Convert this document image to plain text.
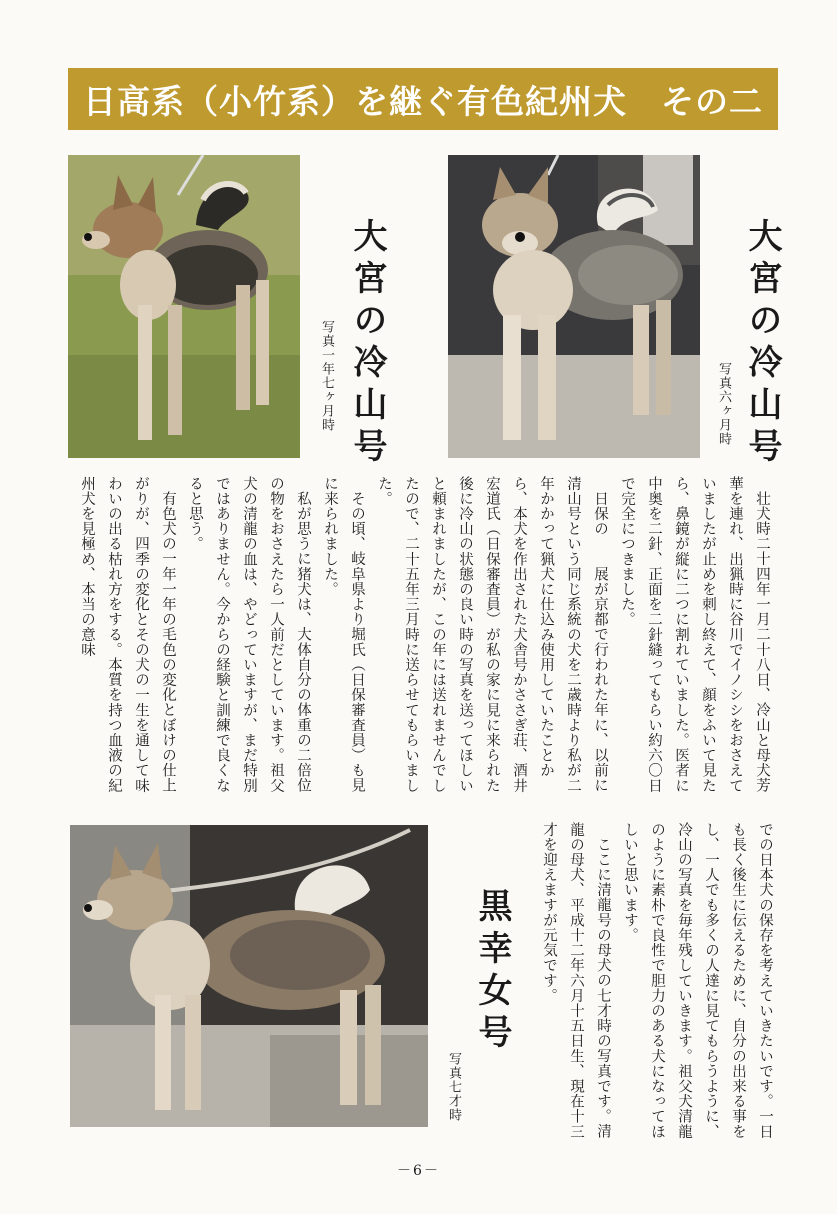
日高系（小竹系）を継ぐ有色紀州犬　その二
大宮の冷山号
写真一年七ヶ月時	大宮の冷山号
写真六ヶ月時

壮犬時二十四年一月二十八日、冷山と母犬芳華を連れ、出猟時に谷川でイノシシをおさえていましたが止めを刺し終えて、顔をふいて見たら、鼻鏡が縦に二つに割れていました。医者に中奥を二針、正面を二針縫ってもらい約六〇日で完全につきました。

日保の　　展が京都で行われた年に、以前に清山号という同じ系統の犬を二歳時より私が二年かかって猟犬に仕込み使用していたことから、本犬を作出された犬舎号かささぎ荘、酒井宏道氏（日保審査員）が私の家に見に来られた後に冷山の状態の良い時の写真を送ってほしいと頼まれましたが、この年には送れませんでしたので、二十五年三月時に送らせてもらいました。

その頃、岐阜県より堀氏（日保審査員）も見に来られました。

私が思うに猪犬は、大体自分の体重の二倍位の物をおさえたら一人前だとしています。祖父犬の清龍の血は、やどっていますが、まだ特別ではありません。今からの経験と訓練で良くなると思う。

有色犬の一年一年の毛色の変化とぼけの仕上がりが、四季の変化とその犬の一生を通して味わいの出る枯れ方をする。本質を持つ血液の紀州犬を見極め、本当の意味

黒幸女号
写真七才時	での日本犬の保存を考えていきたいです。一日も長く後生に伝えるために、自分の出来る事をし、一人でも多くの人達に見てもらうように、冷山の写真を毎年残していきます。祖父犬清龍のように素朴で良性で胆力のある犬になってほしいと思います。

ここに清龍号の母犬の七才時の写真です。清龍の母犬、平成十二年六月十五日生、現在十三才を迎えますが元気です。

－6－
